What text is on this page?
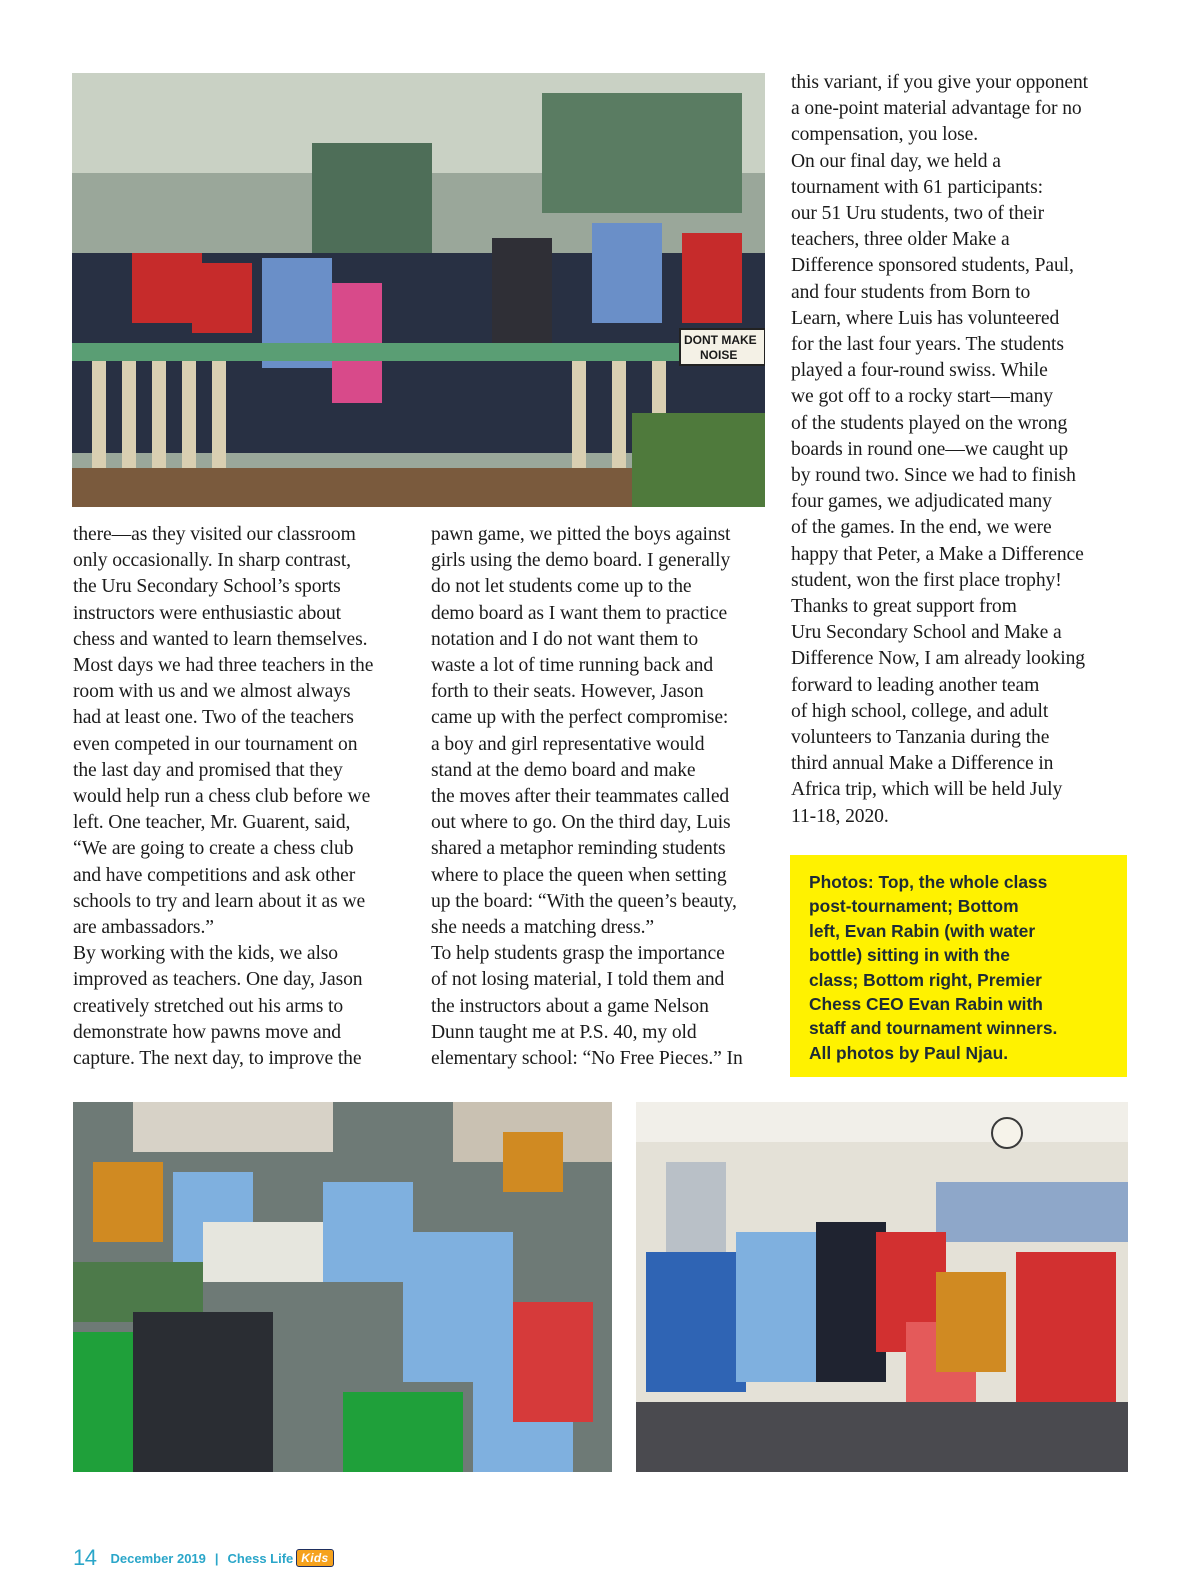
DONT MAKE
NOISE
there—as they visited our classroom
only occasionally. In sharp contrast,
the Uru Secondary School’s sports
instructors were enthusiastic about
chess and wanted to learn themselves.
Most days we had three teachers in the
room with us and we almost always
had at least one. Two of the teachers
even competed in our tournament on
the last day and promised that they
would help run a chess club before we
left. One teacher, Mr. Guarent, said,
“We are going to create a chess club
and have competitions and ask other
schools to try and learn about it as we
are ambassadors.”
By working with the kids, we also
improved as teachers. One day, Jason
creatively stretched out his arms to
demonstrate how pawns move and
capture. The next day, to improve the
pawn game, we pitted the boys against
girls using the demo board. I generally
do not let students come up to the
demo board as I want them to practice
notation and I do not want them to
waste a lot of time running back and
forth to their seats. However, Jason
came up with the perfect compromise:
a boy and girl representative would
stand at the demo board and make
the moves after their teammates called
out where to go. On the third day, Luis
shared a metaphor reminding students
where to place the queen when setting
up the board: “With the queen’s beauty,
she needs a matching dress.”
To help students grasp the importance
of not losing material, I told them and
the instructors about a game Nelson
Dunn taught me at P.S. 40, my old
elementary school: “No Free Pieces.” In
this variant, if you give your opponent
a one-point material advantage for no
compensation, you lose.
On our final day, we held a
tournament with 61 participants:
our 51 Uru students, two of their
teachers, three older Make a
Difference sponsored students, Paul,
and four students from Born to
Learn, where Luis has volunteered
for the last four years. The students
played a four-round swiss. While
we got off to a rocky start—many
of the students played on the wrong
boards in round one—we caught up
by round two. Since we had to finish
four games, we adjudicated many
of the games. In the end, we were
happy that Peter, a Make a Difference
student, won the first place trophy!
Thanks to great support from
Uru Secondary School and Make a
Difference Now, I am already looking
forward to leading another team
of high school, college, and adult
volunteers to Tanzania during the
third annual Make a Difference in
Africa trip, which will be held July
11-18, 2020.
Photos: Top, the whole class
post-tournament; Bottom
left, Evan Rabin (with water
bottle) sitting in with the
class; Bottom right, Premier
Chess CEO Evan Rabin with
staff and tournament winners.
All photos by Paul Njau.
14 December 2019 | Chess Life Kids
